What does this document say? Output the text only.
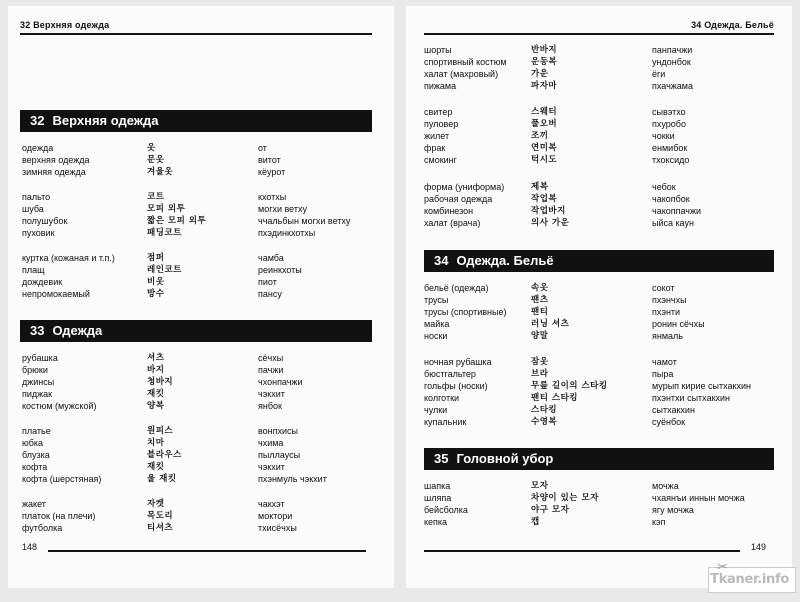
32 Верхняя одежда
148
32 Верхняя одежда
33 Одежда
одежда	옷	от
верхняя одежда	문옷	витот
зимняя одежда	겨울옷	кёурот
пальто	코트	кхотхы
шуба	모피 외투	могхи ветху
полушубок	짧은 모피 외투	ччальбын могхи ветху
пуховик	패딩코트	пхэдинкхотхы
куртка (кожаная и т.п.)	점퍼	чамба
плащ	레인코트	реинкхоты
дождевик	비옷	пиот
непромокаемый	방수	пансу
рубашка	셔츠	сёчхы
брюки	바지	пачжи
джинсы	청바지	чхонпачжи
пиджак	재킷	чэкхит
костюм (мужской)	양복	янбок
платье	원피스	вонпхисы
юбка	치마	чхима
блузка	블라우스	пыллаусы
кофта	재킷	чэкхит
кофта (шерстяная)	울 재킷	пхэнмуль чэкхит
жакет	자켓	чакхэт
платок (на плечи)	목도리	моктори
футболка	티셔츠	тхисёчхы
34 Одежда. Бельё
149
34 Одежда. Бельё
35 Головной убор
шорты	반바지	панпачжи
спортивный костюм	운동복	ундонбок
халат (махровый)	가운	ёги
пижама	파자마	пхачжама
свитер	스웨터	сывэтхо
пуловер	풀오버	пхуробо
жилет	조끼	чокки
фрак	연미복	енмибок
смокинг	턱시도	тхоксидо
форма (униформа)	제복	чебок
рабочая одежда	작업복	чакопбок
комбинезон	작업바지	чакоппачжи
халат (врача)	의사 가운	ыйса кaун
бельё (одежда)	속옷	сокот
трусы	팬츠	пхэнчхы
трусы (спортивные)	팬티	пхэнти
майка	러닝 셔츠	ронин сёчхы
носки	양말	янмаль
ночная рубашка	잠옷	чамот
бюстгальтер	브라	пыра
гольфы (носки)	무릎 길이의 스타킹	мурып кирие сытхакхин
колготки	팬티 스타킹	пхэнтхи сытхакхин
чулки	스타킹	сытхакхин
купальник	수영복	суёнбок
шапка	모자	мочжа
шляпа	차양이 있는 모자	чхаянъи иннын мочжа
бейсболка	야구 모자	ягу мочжа
кепка	캡	кэп
✂
Tkaner.info
